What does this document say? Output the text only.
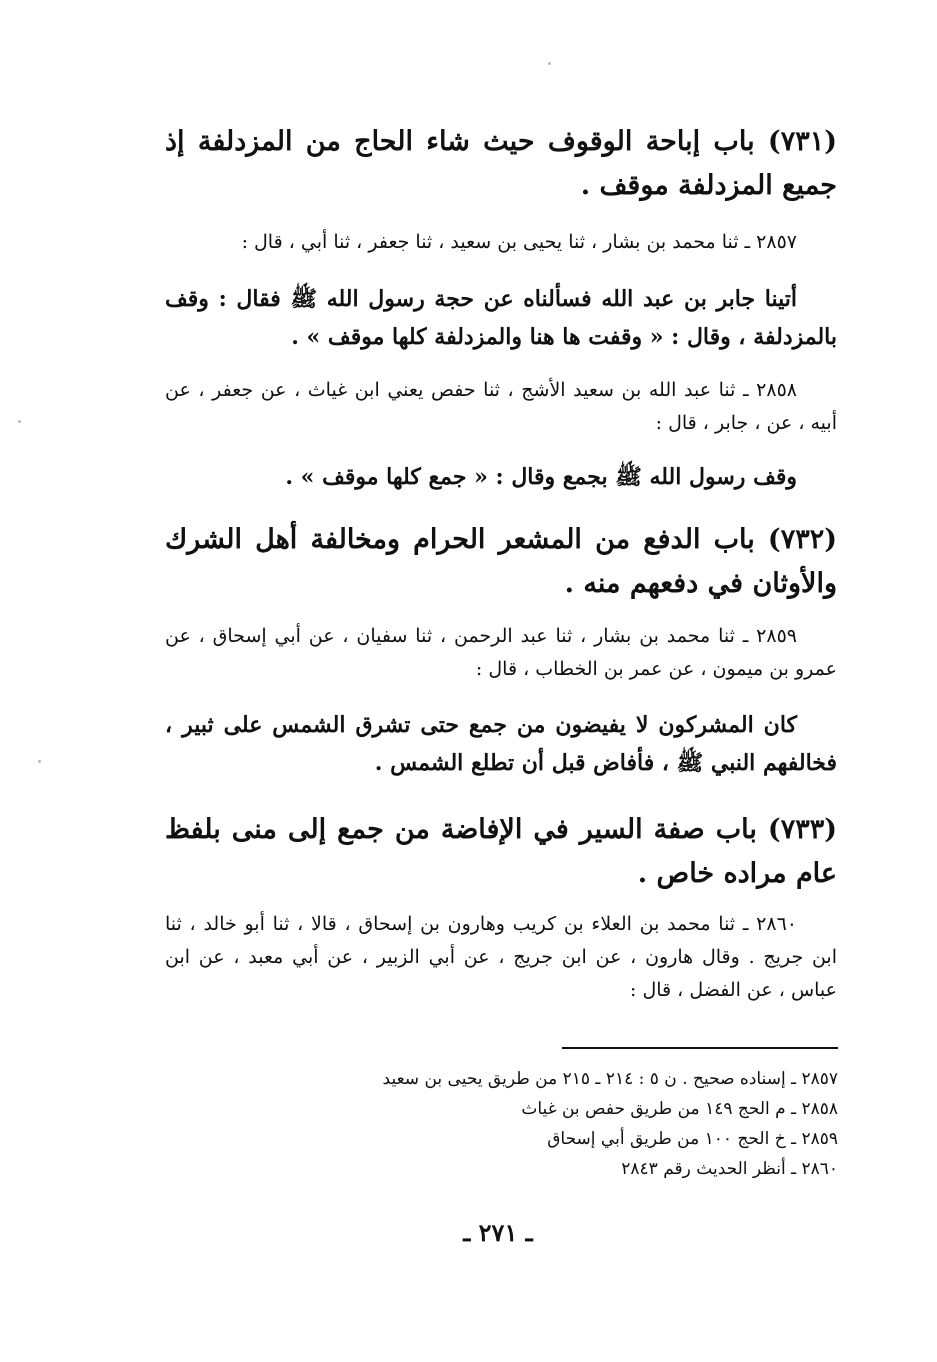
(٧٣١) باب إباحة الوقوف حيث شاء الحاج من المزدلفة إذ جميع المزدلفة موقف .
٢٨٥٧ ـ ثنا محمد بن بشار ، ثنا يحيى بن سعيد ، ثنا جعفر ، ثنا أبي ، قال :
أتينا جابر بن عبد الله فسألناه عن حجة رسول الله ﷺ فقال : وقف بالمزدلفة ، وقال : « وقفت ها هنا والمزدلفة كلها موقف » .
٢٨٥٨ ـ ثنا عبد الله بن سعيد الأشج ، ثنا حفص يعني ابن غياث ، عن جعفر ، عن أبيه ، عن ، جابر ، قال :
وقف رسول الله ﷺ بجمع وقال : « جمع كلها موقف » .
(٧٣٢) باب الدفع من المشعر الحرام ومخالفة أهل الشرك والأوثان في دفعهم منه .
٢٨٥٩ ـ ثنا محمد بن بشار ، ثنا عبد الرحمن ، ثنا سفيان ، عن أبي إسحاق ، عن عمرو بن ميمون ، عن عمر بن الخطاب ، قال :
كان المشركون لا يفيضون من جمع حتى تشرق الشمس على ثبير ، فخالفهم النبي ﷺ ، فأفاض قبل أن تطلع الشمس .
(٧٣٣) باب صفة السير في الإفاضة من جمع إلى منى بلفظ عام مراده خاص .
٢٨٦٠ ـ ثنا محمد بن العلاء بن كريب وهارون بن إسحاق ، قالا ، ثنا أبو خالد ، ثنا ابن جريج . وقال هارون ، عن ابن جريج ، عن أبي الزبير ، عن أبي معبد ، عن ابن عباس ، عن الفضل ، قال :
٢٨٥٧ ـ إسناده صحيح . ن ٥ : ٢١٤ ـ ٢١٥ من طريق يحيى بن سعيد
٢٨٥٨ ـ م الحج ١٤٩ من طريق حفص بن غياث
٢٨٥٩ ـ خ الحج ١٠٠ من طريق أبي إسحاق
٢٨٦٠ ـ أنظر الحديث رقم ٢٨٤٣
ـ ٢٧١ ـ
